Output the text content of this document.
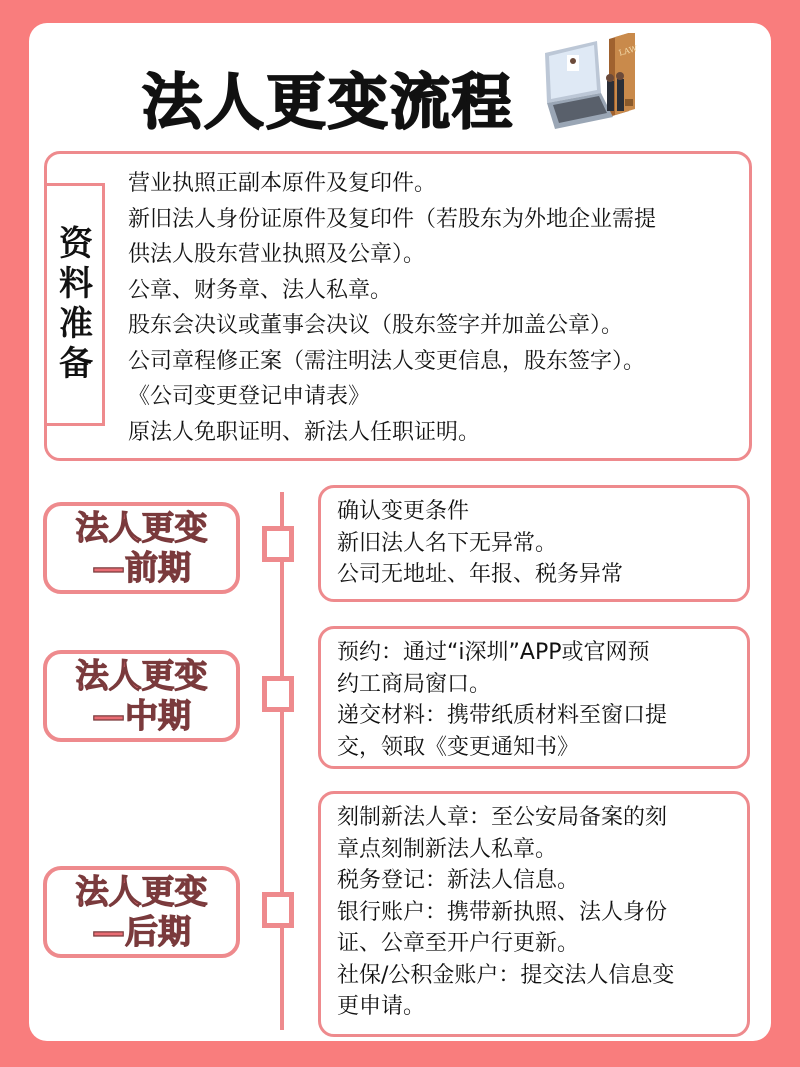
法人更变流程
LAW
资料准备
营业执照正副本原件及复印件。
新旧法人身份证原件及复印件（若股东为外地企业需提
供法人股东营业执照及公章）。
公章、财务章、法人私章。
股东会决议或董事会决议（股东签字并加盖公章）。
公司章程修正案（需注明法人变更信息，股东签字）。
《公司变更登记申请表》
原法人免职证明、新法人任职证明。
法人更变
—前期

确认变更条件

新旧法人名下无异常。

公司无地址、年报、税务异常

法人更变
—中期

预约：通过“i深圳”APP或官网预

约工商局窗口。

递交材料：携带纸质材料至窗口提

交，领取《变更通知书》

法人更变
—后期

刻制新法人章：至公安局备案的刻

章点刻制新法人私章。

税务登记：新法人信息。

银行账户：携带新执照、法人身份

证、公章至开户行更新。

社保/公积金账户：提交法人信息变

更申请。
